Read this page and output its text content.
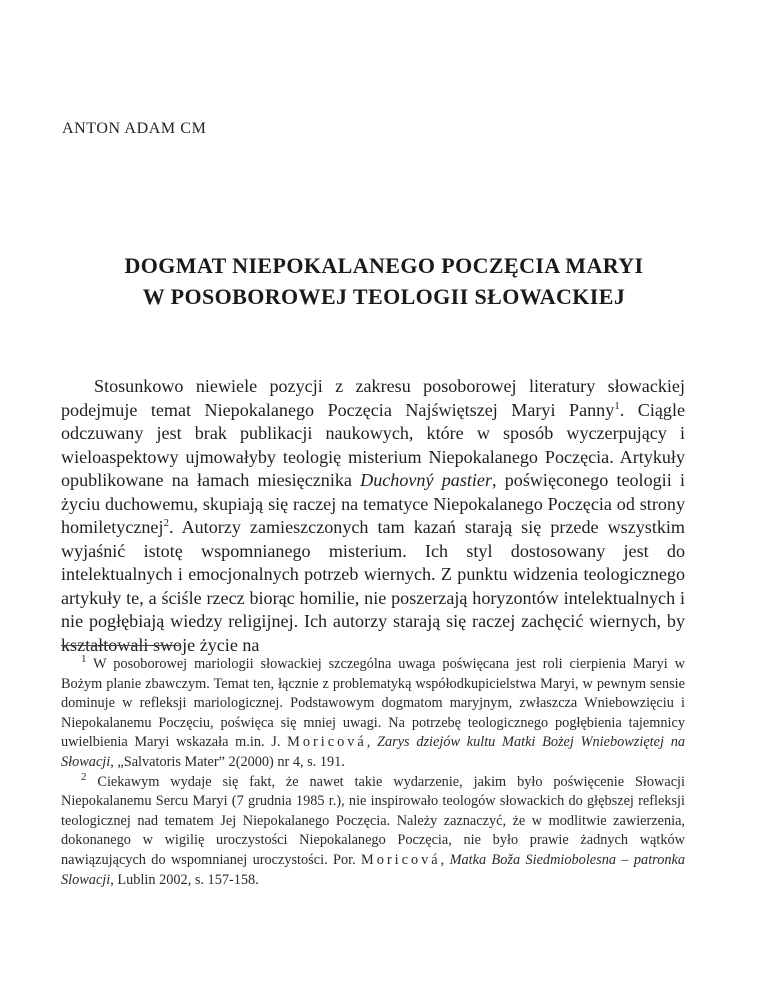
ANTON ADAM CM
DOGMAT NIEPOKALANEGO POCZĘCIA MARYI
W POSOBOROWEJ TEOLOGII SŁOWACKIEJ

Stosunkowo niewiele pozycji z zakresu posoborowej literatury słowackiej podejmuje temat Niepokalanego Poczęcia Najświętszej Maryi Panny$^1$. Ciągle odczuwany jest brak publikacji naukowych, które w sposób wyczerpujący i wieloaspektowy ujmowałyby teologię misterium Niepokalanego Poczęcia. Artykuły opublikowane na łamach miesięcznika Duchovný pastier, poświęconego teologii i życiu duchowemu, skupiają się raczej na tematyce Niepokalanego Poczęcia od strony homiletycznej$^2$. Autorzy zamieszczonych tam kazań starają się przede wszystkim wyjaśnić istotę wspomnianego misterium. Ich styl dostosowany jest do intelektualnych i emocjonalnych potrzeb wiernych. Z punktu widzenia teologicznego artykuły te, a ściśle rzecz biorąc homilie, nie poszerzają horyzontów intelektualnych i nie pogłębiają wiedzy religijnej. Ich autorzy starają się raczej zachęcić wiernych, by kształtowali swoje życie na

$^1$ W posoborowej mariologii słowackiej szczególna uwaga poświęcana jest roli cierpienia Maryi w Bożym planie zbawczym. Temat ten, łącznie z problematyką współodkupicielstwa Maryi, w pewnym sensie dominuje w refleksji mariologicznej. Podstawowym dogmatom maryjnym, zwłaszcza Wniebowzięciu i Niepokalanemu Poczęciu, poświęca się mniej uwagi. Na potrzebę teologicznego pogłębienia tajemnicy uwielbienia Maryi wskazała m.in. J. Moricová, Zarys dziejów kultu Matki Bożej Wniebowziętej na Słowacji, „Salvatoris Mater” 2(2000) nr 4, s. 191.

$^2$ Ciekawym wydaje się fakt, że nawet takie wydarzenie, jakim było poświęcenie Słowacji Niepokalanemu Sercu Maryi (7 grudnia 1985 r.), nie inspirowało teologów słowackich do głębszej refleksji teologicznej nad tematem Jej Niepokalanego Poczęcia. Należy zaznaczyć, że w modlitwie zawierzenia, dokonanego w wigilię uroczystości Niepokalanego Poczęcia, nie było prawie żadnych wątków nawiązujących do wspomnianej uroczystości. Por. Moricová, Matka Boža Siedmiobolesna – patronka Slowacji, Lublin 2002, s. 157-158.
